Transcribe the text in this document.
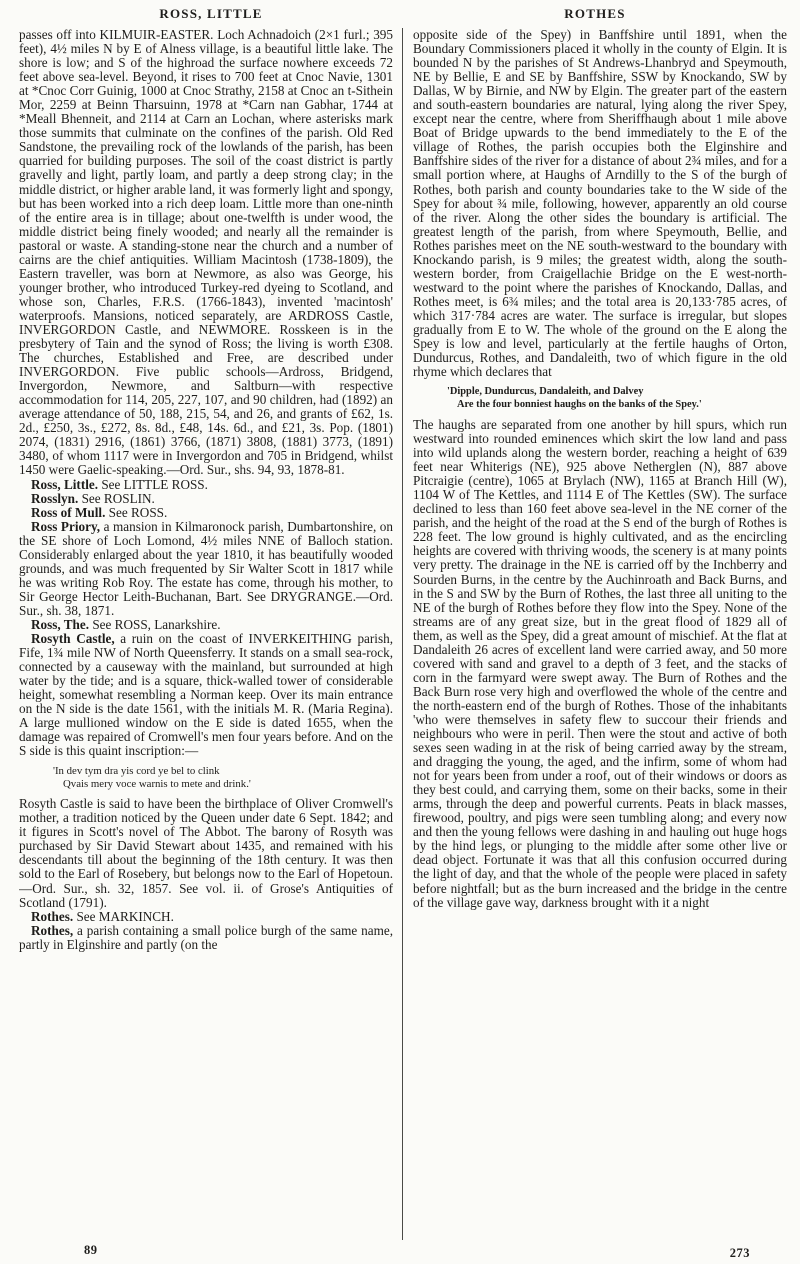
ROSS, LITTLE	ROTHES

passes off into KILMUIR-EASTER. Loch Achnadoich (2×1 furl.; 395 feet), 4½ miles N by E of Alness village, is a beautiful little lake. The shore is low; and S of the highroad the surface nowhere exceeds 72 feet above sea-level. Beyond, it rises to 700 feet at Cnoc Navie, 1301 at *Cnoc Corr Guinig, 1000 at Cnoc Strathy, 2158 at Cnoc an t-Sithein Mor, 2259 at Beinn Tharsuinn, 1978 at *Carn nan Gabhar, 1744 at *Meall Bhenneit, and 2114 at Carn an Lochan, where asterisks mark those summits that culminate on the confines of the parish. Old Red Sandstone, the prevailing rock of the lowlands of the parish, has been quarried for building purposes. The soil of the coast district is partly gravelly and light, partly loam, and partly a deep strong clay; in the middle district, or higher arable land, it was formerly light and spongy, but has been worked into a rich deep loam. Little more than one-ninth of the entire area is in tillage; about one-twelfth is under wood, the middle district being finely wooded; and nearly all the remainder is pastoral or waste. A standing-stone near the church and a number of cairns are the chief antiquities. William Macintosh (1738-1809), the Eastern traveller, was born at Newmore, as also was George, his younger brother, who introduced Turkey-red dyeing to Scotland, and whose son, Charles, F.R.S. (1766-1843), invented 'macintosh' waterproofs. Mansions, noticed separately, are ARDROSS Castle, INVERGORDON Castle, and NEWMORE. Rosskeen is in the presbytery of Tain and the synod of Ross; the living is worth £308. The churches, Established and Free, are described under INVERGORDON. Five public schools—Ardross, Bridgend, Invergordon, Newmore, and Saltburn—with respective accommodation for 114, 205, 227, 107, and 90 children, had (1892) an average attendance of 50, 188, 215, 54, and 26, and grants of £62, 1s. 2d., £250, 3s., £272, 8s. 8d., £48, 14s. 6d., and £21, 3s. Pop. (1801) 2074, (1831) 2916, (1861) 3766, (1871) 3808, (1881) 3773, (1891) 3480, of whom 1117 were in Invergordon and 705 in Bridgend, whilst 1450 were Gaelic-speaking.—Ord. Sur., shs. 94, 93, 1878-81.

Ross, Little. See LITTLE ROSS.

Rosslyn. See ROSLIN.

Ross of Mull. See ROSS.

Ross Priory, a mansion in Kilmaronock parish, Dumbartonshire, on the SE shore of Loch Lomond, 4½ miles NNE of Balloch station. Considerably enlarged about the year 1810, it has beautifully wooded grounds, and was much frequented by Sir Walter Scott in 1817 while he was writing Rob Roy. The estate has come, through his mother, to Sir George Hector Leith-Buchanan, Bart. See DRYGRANGE.—Ord. Sur., sh. 38, 1871.

Ross, The. See ROSS, Lanarkshire.

Rosyth Castle, a ruin on the coast of INVERKEITHING parish, Fife, 1¾ mile NW of North Queensferry. It stands on a small sea-rock, connected by a causeway with the mainland, but surrounded at high water by the tide; and is a square, thick-walled tower of considerable height, somewhat resembling a Norman keep. Over its main entrance on the N side is the date 1561, with the initials M. R. (Maria Regina). A large mullioned window on the E side is dated 1655, when the damage was repaired of Cromwell's men four years before. And on the S side is this quaint inscription:—

'In dev tym dra yis cord ye bel to clink
Qvais mery voce warnis to mete and drink.'

Rosyth Castle is said to have been the birthplace of Oliver Cromwell's mother, a tradition noticed by the Queen under date 6 Sept. 1842; and it figures in Scott's novel of The Abbot. The barony of Rosyth was purchased by Sir David Stewart about 1435, and remained with his descendants till about the beginning of the 18th century. It was then sold to the Earl of Rosebery, but belongs now to the Earl of Hopetoun.—Ord. Sur., sh. 32, 1857. See vol. ii. of Grose's Antiquities of Scotland (1791).

Rothes. See MARKINCH.

Rothes, a parish containing a small police burgh of the same name, partly in Elginshire and partly (on the

opposite side of the Spey) in Banffshire until 1891, when the Boundary Commissioners placed it wholly in the county of Elgin. It is bounded N by the parishes of St Andrews-Lhanbryd and Speymouth, NE by Bellie, E and SE by Banffshire, SSW by Knockando, SW by Dallas, W by Birnie, and NW by Elgin. The greater part of the eastern and south-eastern boundaries are natural, lying along the river Spey, except near the centre, where from Sheriffhaugh about 1 mile above Boat of Bridge upwards to the bend immediately to the E of the village of Rothes, the parish occupies both the Elginshire and Banffshire sides of the river for a distance of about 2¾ miles, and for a small portion where, at Haughs of Arndilly to the S of the burgh of Rothes, both parish and county boundaries take to the W side of the Spey for about ¾ mile, following, however, apparently an old course of the river. Along the other sides the boundary is artificial. The greatest length of the parish, from where Speymouth, Bellie, and Rothes parishes meet on the NE south-westward to the boundary with Knockando parish, is 9 miles; the greatest width, along the south-western border, from Craigellachie Bridge on the E west-north-westward to the point where the parishes of Knockando, Dallas, and Rothes meet, is 6¾ miles; and the total area is 20,133·785 acres, of which 317·784 acres are water. The surface is irregular, but slopes gradually from E to W. The whole of the ground on the E along the Spey is low and level, particularly at the fertile haughs of Orton, Dundurcus, Rothes, and Dandaleith, two of which figure in the old rhyme which declares that

'Dipple, Dundurcus, Dandaleith, and Dalvey
Are the four bonniest haughs on the banks of the Spey.'

The haughs are separated from one another by hill spurs, which run westward into rounded eminences which skirt the low land and pass into wild uplands along the western border, reaching a height of 639 feet near Whiterigs (NE), 925 above Netherglen (N), 887 above Pitcraigie (centre), 1065 at Brylach (NW), 1165 at Branch Hill (W), 1104 W of The Kettles, and 1114 E of The Kettles (SW). The surface declined to less than 160 feet above sea-level in the NE corner of the parish, and the height of the road at the S end of the burgh of Rothes is 228 feet. The low ground is highly cultivated, and as the encircling heights are covered with thriving woods, the scenery is at many points very pretty. The drainage in the NE is carried off by the Inchberry and Sourden Burns, in the centre by the Auchinroath and Back Burns, and in the S and SW by the Burn of Rothes, the last three all uniting to the NE of the burgh of Rothes before they flow into the Spey. None of the streams are of any great size, but in the great flood of 1829 all of them, as well as the Spey, did a great amount of mischief. At the flat at Dandaleith 26 acres of excellent land were carried away, and 50 more covered with sand and gravel to a depth of 3 feet, and the stacks of corn in the farmyard were swept away. The Burn of Rothes and the Back Burn rose very high and overflowed the whole of the centre and the north-eastern end of the burgh of Rothes. Those of the inhabitants 'who were themselves in safety flew to succour their friends and neighbours who were in peril. Then were the stout and active of both sexes seen wading in at the risk of being carried away by the stream, and dragging the young, the aged, and the infirm, some of whom had not for years been from under a roof, out of their windows or doors as they best could, and carrying them, some on their backs, some in their arms, through the deep and powerful currents. Peats in black masses, firewood, poultry, and pigs were seen tumbling along; and every now and then the young fellows were dashing in and hauling out huge hogs by the hind legs, or plunging to the middle after some other live or dead object. Fortunate it was that all this confusion occurred during the light of day, and that the whole of the people were placed in safety before nightfall; but as the burn increased and the bridge in the centre of the village gave way, darkness brought with it a night

89	273
